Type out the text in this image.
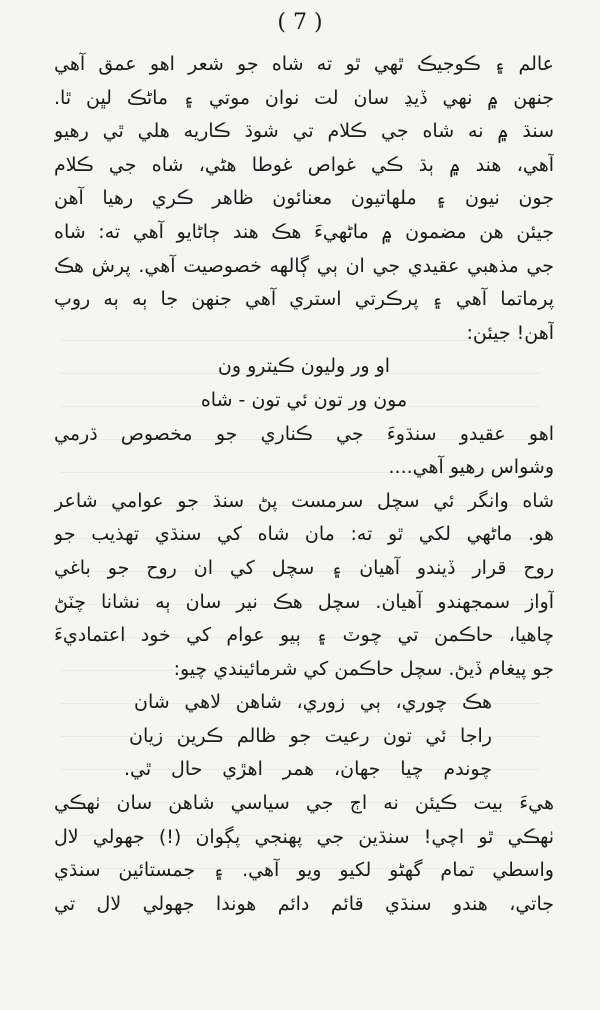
( 7 )
عالم ۽ ڪوجيڪ ٿهي ٿو ته شاه جو شعر اهو عمق آهي
جنهن ۾ نهي ڏيڍ سان لت نوان موتي ۽ ماڻڪ لڀن ٿا.
سنڌ ۾ نه شاه جي ڪلام تي شوڌ ڪاريه هلي ٿي رهيو
آهي، هند ۾ ٻڌ ڪي غواص غوطا هڻي، شاه جي ڪلام
جون نيون ۽ ملهاتيون معنائون ظاهر ڪري رهيا آهن
جيئن هن مضمون ۾ ماڻهيءَ هڪ هند ڄاڻايو آهي ته: شاه
جي مذهبي عقيدي جي ان ٻي ڳالهه خصوصيت آهي. پرش هڪ
پرماتما آهي ۽ پرڪرتي استري آهي جنهن جا ٻه ٻه روپ
آهن! جيئن:
او ور وليون ڪيترو ون
مون ور تون ئي تون - شاه
اهو عقيدو سنڌوءَ جي ڪناري جو مخصوص ڌرمي
وشواس رهيو آهي....
شاه وانگر ئي سچل سرمست پڻ سنڌ جو عوامي شاعر
هو. ماڻهي لکي ٿو ته: مان شاه کي سنڌي تهذيب جو
روح قرار ڏيندو آهيان ۽ سچل کي ان روح جو باغي
آواز سمجهندو آهيان. سچل هڪ نير سان ٻه نشانا چٽڻ
چاهيا، حاڪمن تي چوٽ ۽ ٻيو عوام کي خود اعتماديءَ
جو پيغام ڏيڻ. سچل حاڪمن کي شرمائيندي چيو:
هڪ چوري، ٻي زوري، شاهن لاهي شان
راجا ئي تون رعيت جو ظالم ڪرين زيان
چوندم چيا جهان، همر اهڙي حال ٿي.
هيءَ بيت ڪيئن نه اڄ جي سياسي شاهن سان ٺهڪي
ٺهڪي ٿو اچي! سنڌين جي پهنجي پڳوان (!) جهولي لال
واسطي تمام گهڻو لکيو ويو آهي. ۽ جمستائين سنڌي
جاتي، هندو سنڌي قائم دائم هوندا جهولي لال تي
